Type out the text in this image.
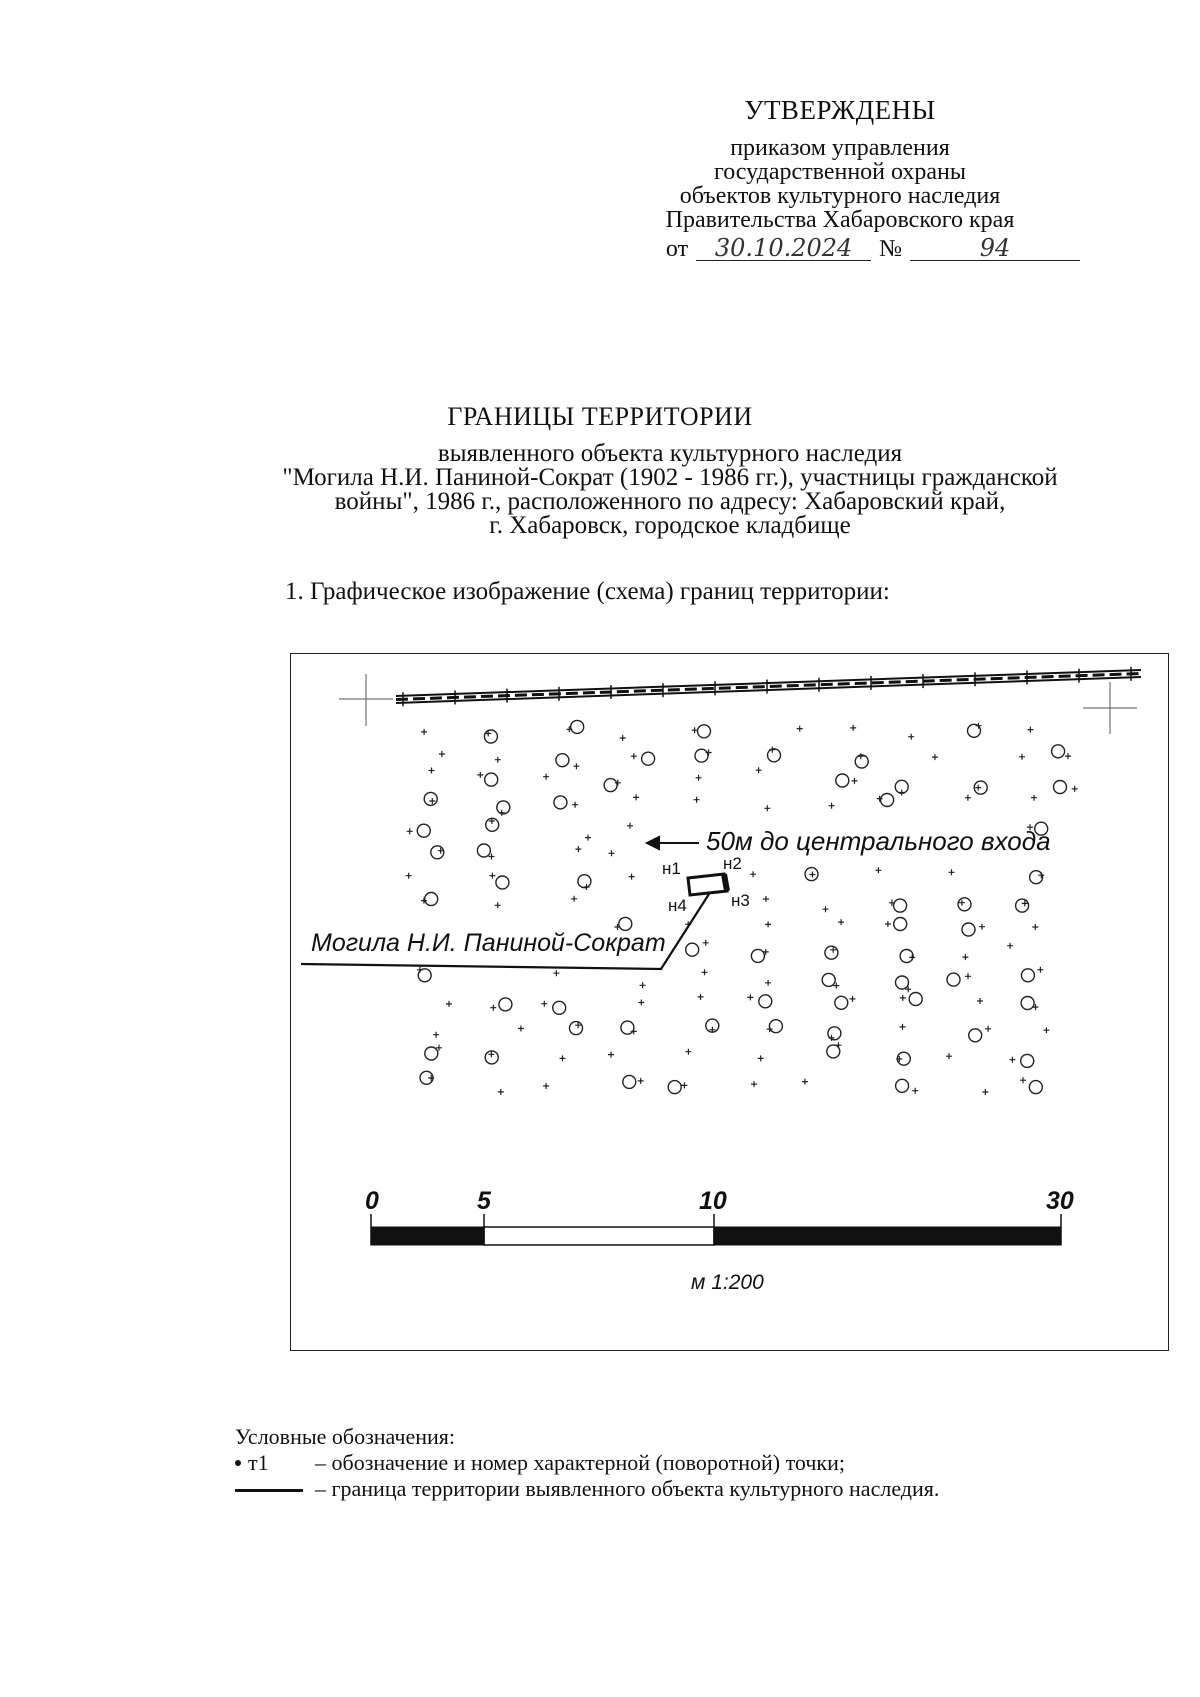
УТВЕРЖДЕНЫ
приказом управления
государственной охраны
объектов культурного наследия
Правительства Хабаровского края
от	30.10.2024	№	94
ГРАНИЦЫ ТЕРРИТОРИИ
выявленного объекта культурного наследия
"Могила Н.И. Паниной-Сократ (1902 - 1986 гг.), участницы гражданской
войны", 1986 г., расположенного по адресу: Хабаровский край,
г. Хабаровск, городское кладбище
1. Графическое изображение (схема) границ территории:
н1 н2
н3
н4
50м до центрального входа
Могила Н.И. Паниной-Сократ
0	5	10	30
м 1:200
Условные обозначения:
т1 – обозначение и номер характерной (поворотной) точки;
– граница территории выявленного объекта культурного наследия.
